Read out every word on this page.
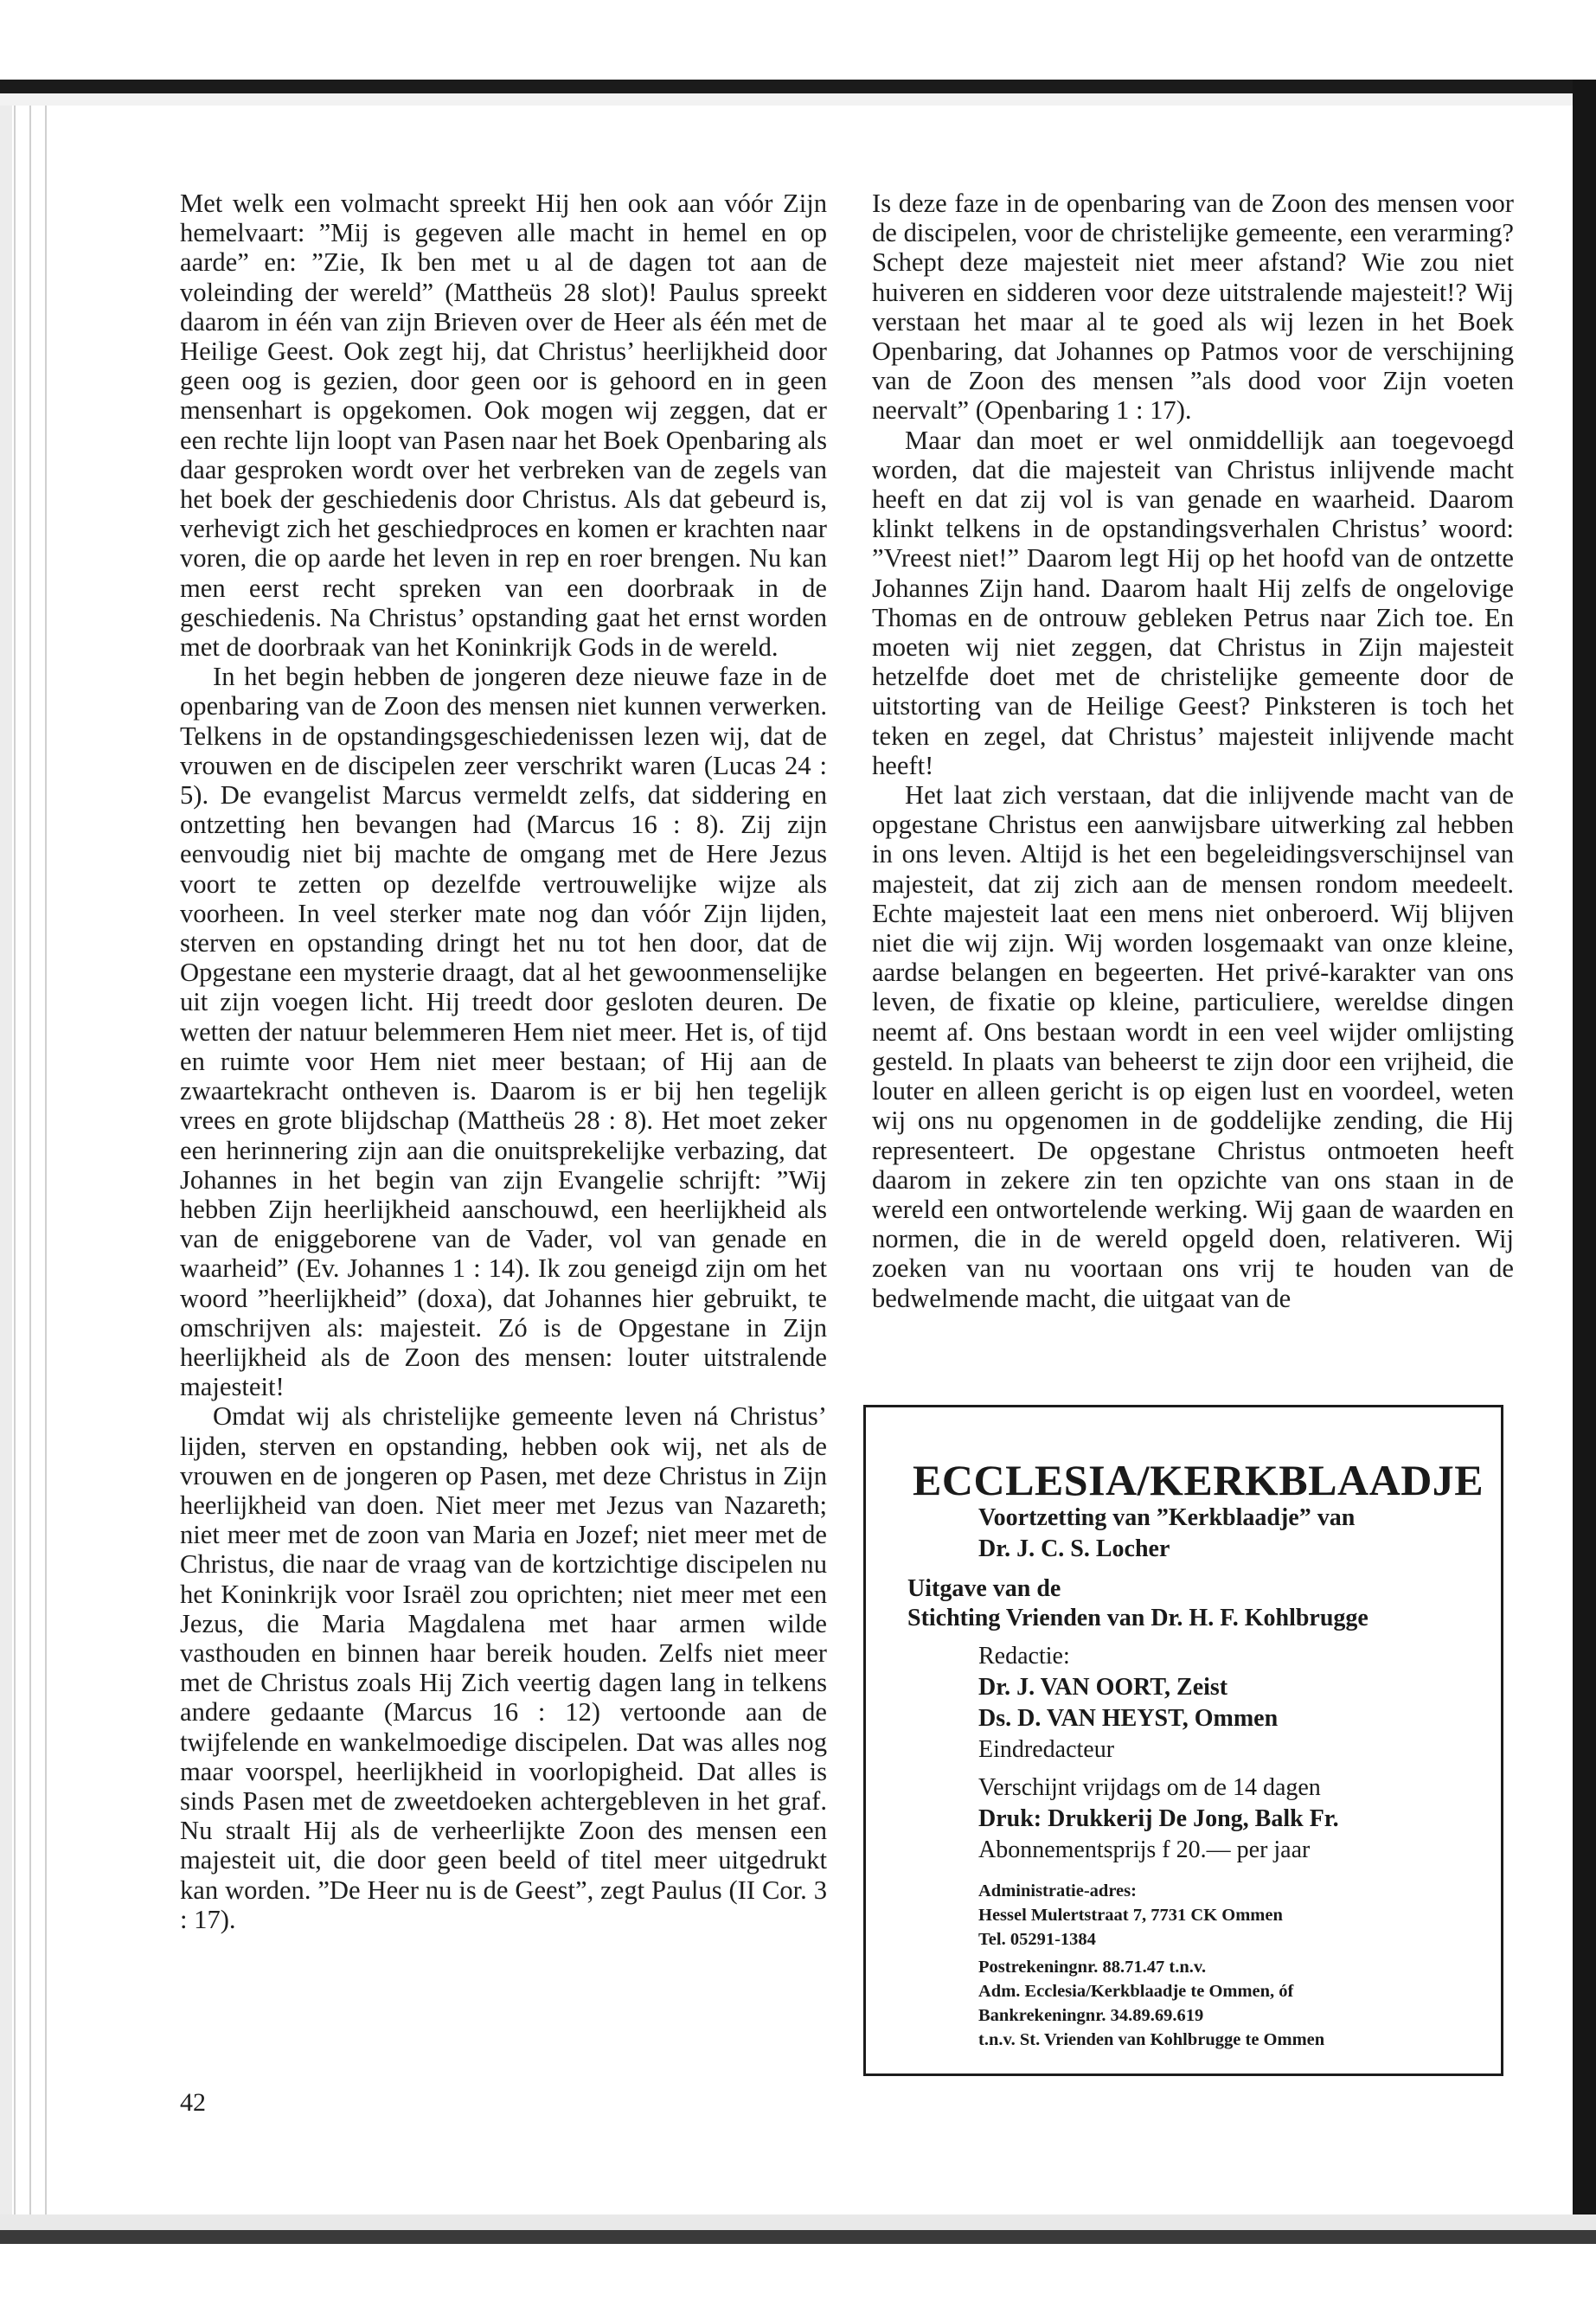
Met welk een volmacht spreekt Hij hen ook aan vóór Zijn hemelvaart: ”Mij is gegeven alle macht in hemel en op aarde” en: ”Zie, Ik ben met u al de dagen tot aan de voleinding der wereld” (Mattheüs 28 slot)! Paulus spreekt daarom in één van zijn Brieven over de Heer als één met de Heilige Geest. Ook zegt hij, dat Christus’ heerlijkheid door geen oog is gezien, door geen oor is gehoord en in geen mensenhart is opgekomen. Ook mogen wij zeggen, dat er een rechte lijn loopt van Pasen naar het Boek Openbaring als daar gesproken wordt over het verbreken van de zegels van het boek der geschiedenis door Christus. Als dat gebeurd is, verhevigt zich het geschiedproces en komen er krachten naar voren, die op aarde het leven in rep en roer brengen. Nu kan men eerst recht spreken van een doorbraak in de geschiedenis. Na Christus’ opstanding gaat het ernst worden met de doorbraak van het Koninkrijk Gods in de wereld.

In het begin hebben de jongeren deze nieuwe faze in de openbaring van de Zoon des mensen niet kunnen verwerken. Telkens in de opstandingsgeschiedenissen lezen wij, dat de vrouwen en de discipelen zeer verschrikt waren (Lucas 24 : 5). De evangelist Marcus vermeldt zelfs, dat siddering en ontzetting hen bevangen had (Marcus 16 : 8). Zij zijn eenvoudig niet bij machte de omgang met de Here Jezus voort te zetten op dezelfde vertrouwelijke wijze als voorheen. In veel sterker mate nog dan vóór Zijn lijden, sterven en opstanding dringt het nu tot hen door, dat de Opgestane een mysterie draagt, dat al het gewoonmenselijke uit zijn voegen licht. Hij treedt door gesloten deuren. De wetten der natuur belemmeren Hem niet meer. Het is, of tijd en ruimte voor Hem niet meer bestaan; of Hij aan de zwaartekracht ontheven is. Daarom is er bij hen tegelijk vrees en grote blijdschap (Mattheüs 28 : 8). Het moet zeker een herinnering zijn aan die onuitsprekelijke verbazing, dat Johannes in het begin van zijn Evangelie schrijft: ”Wij hebben Zijn heerlijkheid aanschouwd, een heerlijkheid als van de eniggeborene van de Vader, vol van genade en waarheid” (Ev. Johannes 1 : 14). Ik zou geneigd zijn om het woord ”heerlijkheid” (doxa), dat Johannes hier gebruikt, te omschrijven als: majesteit. Zó is de Opgestane in Zijn heerlijkheid als de Zoon des mensen: louter uitstralende majesteit!

Omdat wij als christelijke gemeente leven ná Christus’ lijden, sterven en opstanding, hebben ook wij, net als de vrouwen en de jongeren op Pasen, met deze Christus in Zijn heerlijkheid van doen. Niet meer met Jezus van Nazareth; niet meer met de zoon van Maria en Jozef; niet meer met de Christus, die naar de vraag van de kortzichtige discipelen nu het Koninkrijk voor Israël zou oprichten; niet meer met een Jezus, die Maria Magdalena met haar armen wilde vasthouden en binnen haar bereik houden. Zelfs niet meer met de Christus zoals Hij Zich veertig dagen lang in telkens andere gedaante (Marcus 16 : 12) vertoonde aan de twijfelende en wankelmoedige discipelen. Dat was alles nog maar voorspel, heerlijkheid in voorlopigheid. Dat alles is sinds Pasen met de zweetdoeken achtergebleven in het graf. Nu straalt Hij als de verheerlijkte Zoon des mensen een majesteit uit, die door geen beeld of titel meer uitgedrukt kan worden. ”De Heer nu is de Geest”, zegt Paulus (II Cor. 3 : 17).

42

Is deze faze in de openbaring van de Zoon des mensen voor de discipelen, voor de christelijke gemeente, een verarming? Schept deze majesteit niet meer afstand? Wie zou niet huiveren en sidderen voor deze uitstralende majesteit!? Wij verstaan het maar al te goed als wij lezen in het Boek Openbaring, dat Johannes op Patmos voor de verschijning van de Zoon des mensen ”als dood voor Zijn voeten neervalt” (Openbaring 1 : 17).

Maar dan moet er wel onmiddellijk aan toegevoegd worden, dat die majesteit van Christus inlijvende macht heeft en dat zij vol is van genade en waarheid. Daarom klinkt telkens in de opstandingsverhalen Christus’ woord: ”Vreest niet!” Daarom legt Hij op het hoofd van de ontzette Johannes Zijn hand. Daarom haalt Hij zelfs de ongelovige Thomas en de ontrouw gebleken Petrus naar Zich toe. En moeten wij niet zeggen, dat Christus in Zijn majesteit hetzelfde doet met de christelijke gemeente door de uitstorting van de Heilige Geest? Pinksteren is toch het teken en zegel, dat Christus’ majesteit inlijvende macht heeft!

Het laat zich verstaan, dat die inlijvende macht van de opgestane Christus een aanwijsbare uitwerking zal hebben in ons leven. Altijd is het een begeleidingsverschijnsel van majesteit, dat zij zich aan de mensen rondom meedeelt. Echte majesteit laat een mens niet onberoerd. Wij blijven niet die wij zijn. Wij worden losgemaakt van onze kleine, aardse belangen en begeerten. Het privé-karakter van ons leven, de fixatie op kleine, particuliere, wereldse dingen neemt af. Ons bestaan wordt in een veel wijder omlijsting gesteld. In plaats van beheerst te zijn door een vrijheid, die louter en alleen gericht is op eigen lust en voordeel, weten wij ons nu opgenomen in de goddelijke zending, die Hij representeert. De opgestane Christus ontmoeten heeft daarom in zekere zin ten opzichte van ons staan in de wereld een ontwortelende werking. Wij gaan de waarden en normen, die in de wereld opgeld doen, relativeren. Wij zoeken van nu voortaan ons vrij te houden van de bedwelmende macht, die uitgaat van de

ECCLESIA/KERKBLAADJE
Voortzetting van ”Kerkblaadje” van
Dr. J. C. S. Locher
Uitgave van de
Stichting Vrienden van Dr. H. F. Kohlbrugge
Redactie:
Dr. J. VAN OORT, Zeist
Ds. D. VAN HEYST, Ommen
Eindredacteur
Verschijnt vrijdags om de 14 dagen
Druk: Drukkerij De Jong, Balk Fr.
Abonnementsprijs f 20.— per jaar
Administratie-adres:
Hessel Mulertstraat 7, 7731 CK Ommen
Tel. 05291-1384
Postrekeningnr. 88.71.47 t.n.v.
Adm. Ecclesia/Kerkblaadje te Ommen, óf
Bankrekeningnr. 34.89.69.619
t.n.v. St. Vrienden van Kohlbrugge te Ommen
